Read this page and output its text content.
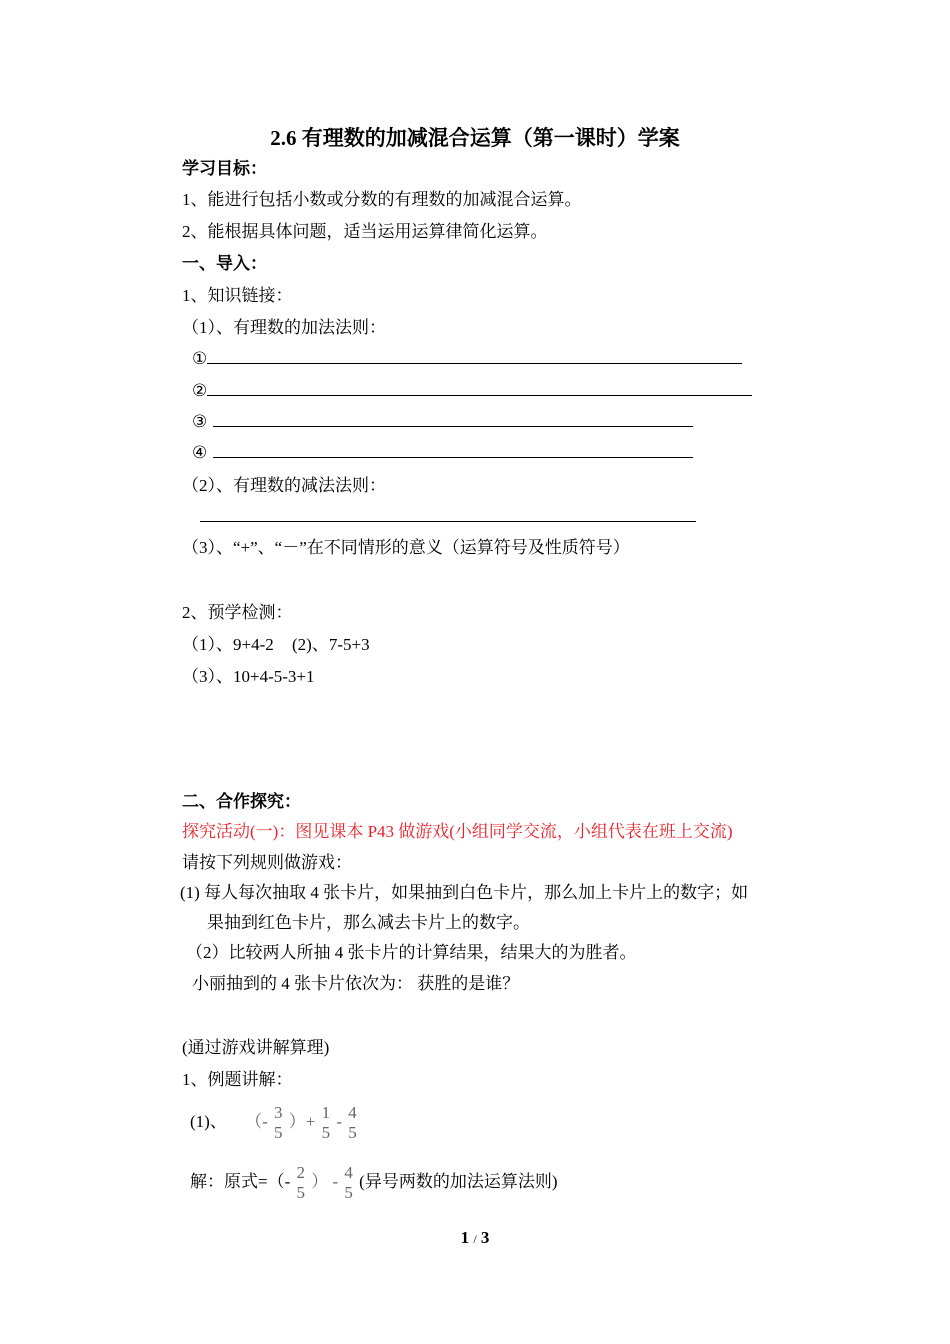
2.6 有理数的加减混合运算（第一课时）学案
学习目标：
1、能进行包括小数或分数的有理数的加减混合运算。
2、能根据具体问题，适当运用运算律简化运算。
一、导入：
1、知识链接：
（1）、有理数的加法法则：
①
②
③
④
（2）、有理数的减法法则：
（3）、“+”、“－”在不同情形的意义（运算符号及性质符号）
2、预学检测：
（1）、9+4-2 (2)、7-5+3
（3）、10+4-5-3+1
二、合作探究：
探究活动(一)：图见课本 P43 做游戏(小组同学交流，小组代表在班上交流)
请按下列规则做游戏：
(1) 每人每次抽取 4 张卡片，如果抽到白色卡片，那么加上卡片上的数字；如
果抽到红色卡片，那么减去卡片上的数字。
（2）比较两人所抽 4 张卡片的计算结果，结果大的为胜者。
小丽抽到的 4 张卡片依次为： 获胜的是谁？
(通过游戏讲解算理)
1、例题讲解：
(1)、 （- 3
5
）+ 1
5
- 4
5
解：原式=（- 2
5
） - 4
5
(异号两数的加法运算法则)
1 / 3
